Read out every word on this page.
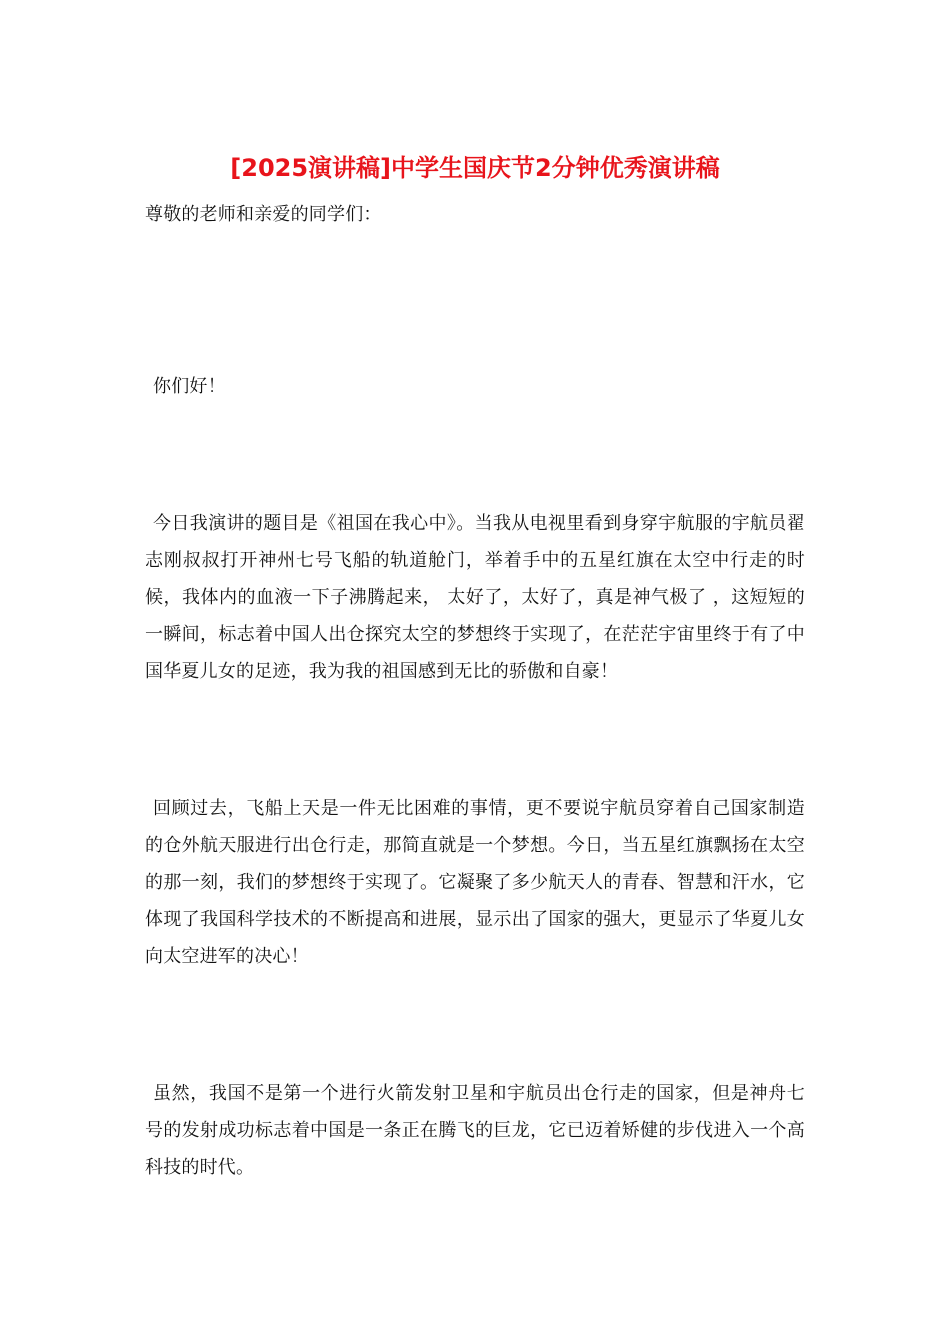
[2025演讲稿]中学生国庆节2分钟优秀演讲稿

尊敬的老师和亲爱的同学们：

你们好！

今日我演讲的题目是《祖国在我心中》。当我从电视里看到身穿宇航服的宇航员翟志刚叔叔打开神州七号飞船的轨道舱门，举着手中的五星红旗在太空中行走的时候，我体内的血液一下子沸腾起来， 太好了，太好了，真是神气极了 ，这短短的一瞬间，标志着中国人出仓探究太空的梦想终于实现了，在茫茫宇宙里终于有了中国华夏儿女的足迹，我为我的祖国感到无比的骄傲和自豪！

回顾过去，飞船上天是一件无比困难的事情，更不要说宇航员穿着自己国家制造的仓外航天服进行出仓行走，那简直就是一个梦想。今日，当五星红旗飘扬在太空的那一刻，我们的梦想终于实现了。它凝聚了多少航天人的青春、智慧和汗水，它体现了我国科学技术的不断提高和进展，显示出了国家的强大，更显示了华夏儿女向太空进军的决心！

虽然，我国不是第一个进行火箭发射卫星和宇航员出仓行走的国家，但是神舟七号的发射成功标志着中国是一条正在腾飞的巨龙，它已迈着矫健的步伐进入一个高科技的时代。
